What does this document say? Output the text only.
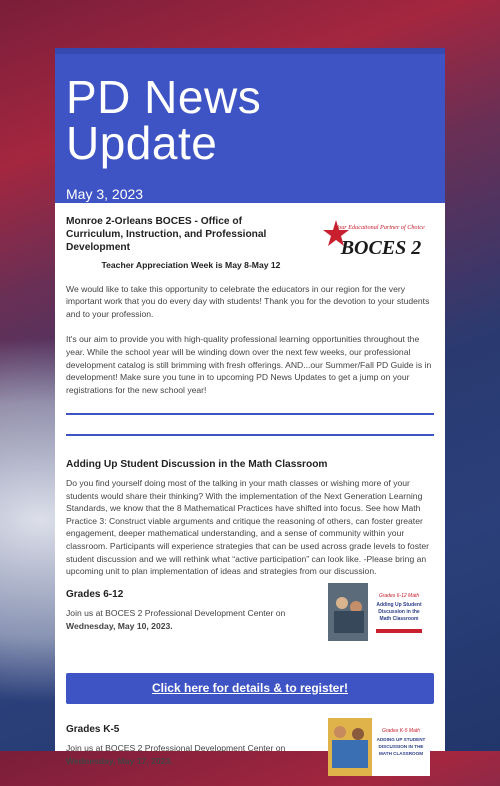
PD News
Update
May 3, 2023
Monroe 2-Orleans BOCES - Office of Curriculum, Instruction, and Professional Development
Teacher Appreciation Week is May 8-May 12
Your Educational Partner of Choice
BOCES 2

We would like to take this opportunity to celebrate the educators in our region for the very important work that you do every day with students! Thank you for the devotion to your students and to your profession.

It's our aim to provide you with high-quality professional learning opportunities throughout the year. While the school year will be winding down over the next few weeks, our professional development catalog is still brimming with fresh offerings. AND...our Summer/Fall PD Guide is in development! Make sure you tune in to upcoming PD News Updates to get a jump on your registrations for the new school year!

Adding Up Student Discussion in the Math Classroom

Do you find yourself doing most of the talking in your math classes or wishing more of your students would share their thinking? With the implementation of the Next Generation Learning Standards, we know that the 8 Mathematical Practices have shifted into focus. See how Math Practice 3: Construct viable arguments and critique the reasoning of others, can foster greater engagement, deeper mathematical understanding, and a sense of community within your classroom. Participants will experience strategies that can be used across grade levels to foster student discussion and we will rethink what “active participation” can look like. -Please bring an upcoming unit to plan implementation of ideas and strategies from our discussion.

Grades 6-12
Join us at BOCES 2 Professional Development Center on
Wednesday, May 10, 2023.
Grades 6-12 Math
Adding Up Student
Discussion in the
Math Classroom
Click here for details & to register!
Grades K-5
Join us at BOCES 2 Professional Development Center on
Wednesday, May 17, 2023.
Grades K-5 Math
ADDING UP STUDENT
DISCUSSION IN THE
MATH CLASSROOM
